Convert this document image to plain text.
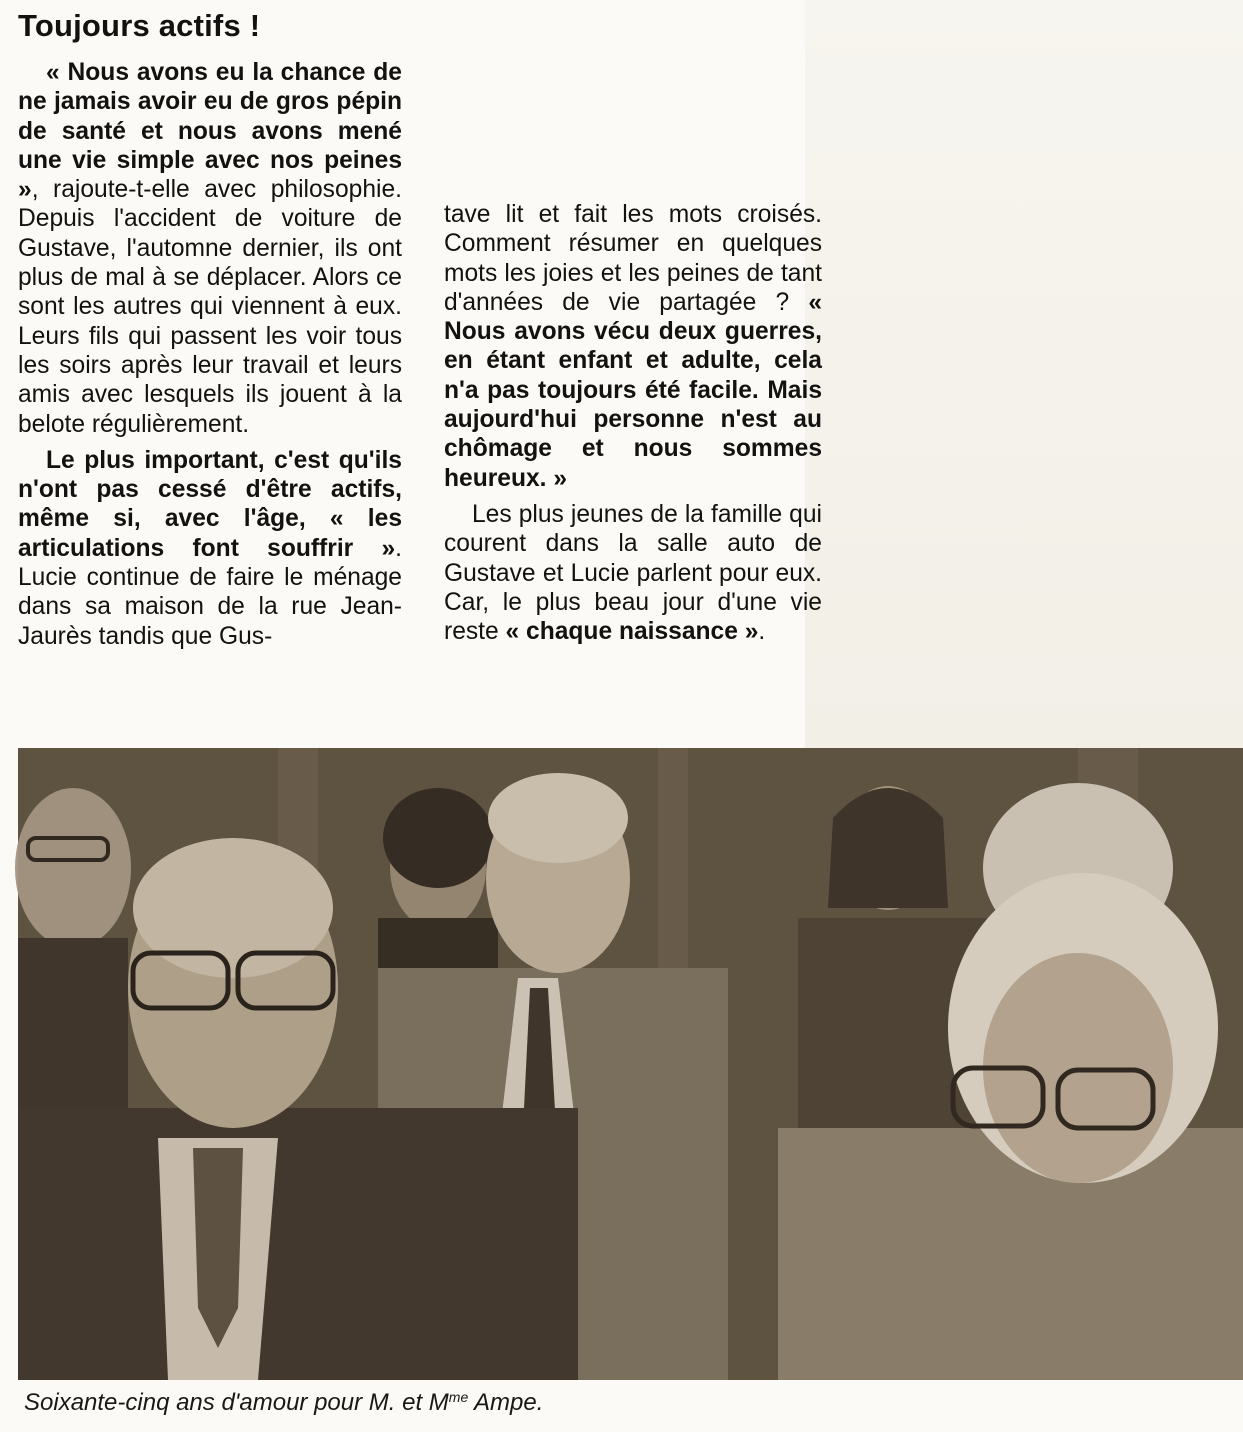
Toujours actifs !

« Nous avons eu la chance de ne jamais avoir eu de gros pépin de santé et nous avons mené une vie simple avec nos peines », rajoute-t-elle avec philosophie. Depuis l'accident de voiture de Gustave, l'automne dernier, ils ont plus de mal à se déplacer. Alors ce sont les autres qui viennent à eux. Leurs fils qui passent les voir tous les soirs après leur travail et leurs amis avec lesquels ils jouent à la belote régulièrement.

Le plus important, c'est qu'ils n'ont pas cessé d'être actifs, même si, avec l'âge, « les articulations font souffrir ». Lucie continue de faire le ménage dans sa maison de la rue Jean-Jaurès tandis que Gus-

tave lit et fait les mots croisés. Comment résumer en quelques mots les joies et les peines de tant d'années de vie partagée ? « Nous avons vécu deux guerres, en étant enfant et adulte, cela n'a pas toujours été facile. Mais aujourd'hui personne n'est au chômage et nous sommes heureux. »

Les plus jeunes de la famille qui courent dans la salle auto de Gustave et Lucie parlent pour eux. Car, le plus beau jour d'une vie reste « chaque naissance ».

Soixante-cinq ans d'amour pour M. et $M^{me}$ Ampe.
